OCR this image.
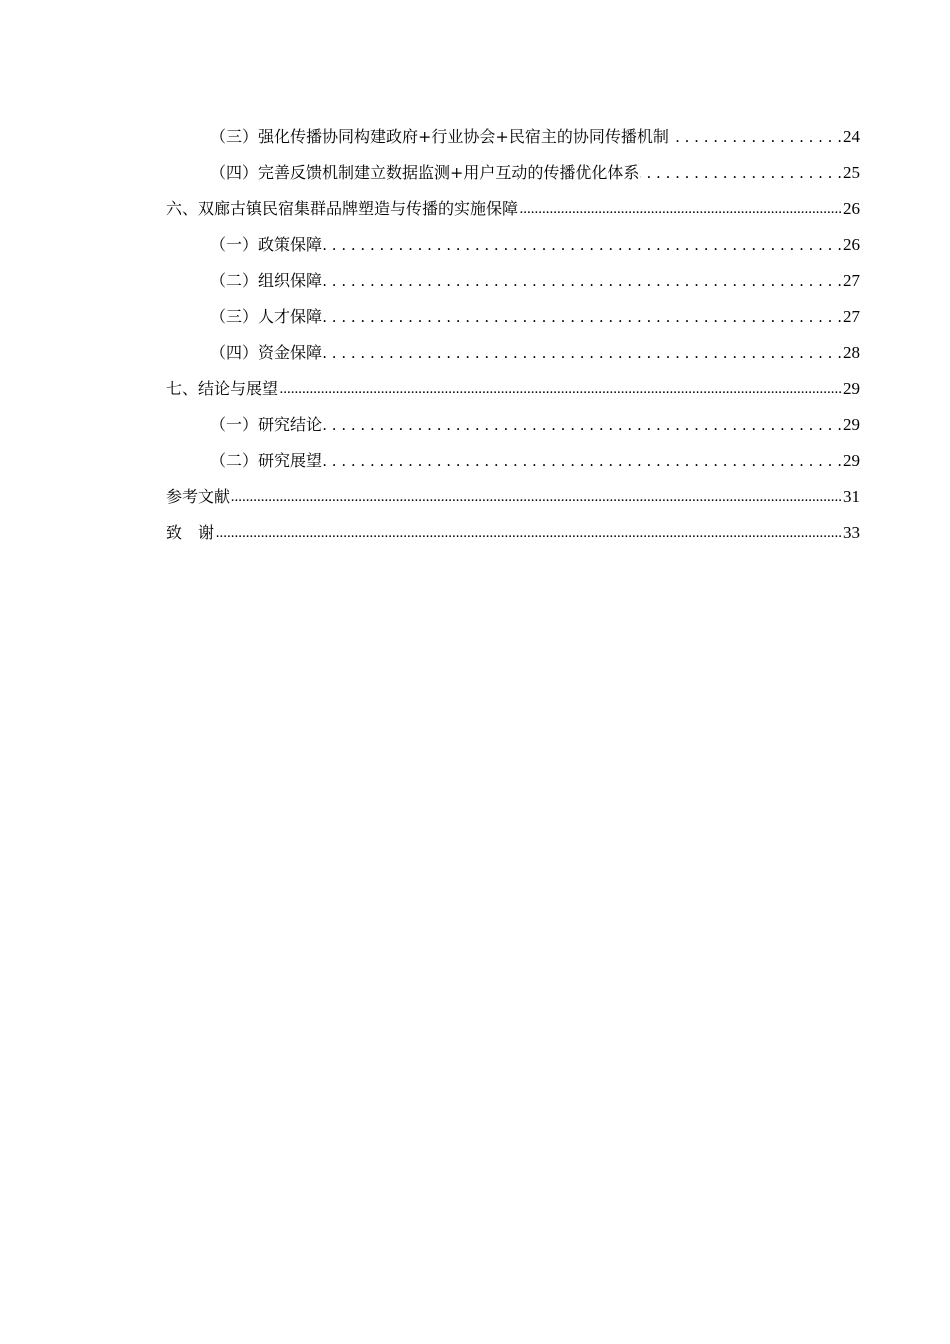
（三）强化传播协同构建政府+行业协会+民宿主的协同传播机制 . . .	24
（四）完善反馈机制建立数据监测+用户互动的传播优化体系 . . .	25
六、双廊古镇民宿集群品牌塑造与传播的实施保障 .....	26
（一）政策保障 . . .	26
（二）组织保障 . . .	27
（三）人才保障 . . .	27
（四）资金保障 . . .	28
七、结论与展望 .....	29
（一）研究结论 . . .	29
（二）研究展望 . . .	29
参考文献 .....	31
致　谢 .....	33
